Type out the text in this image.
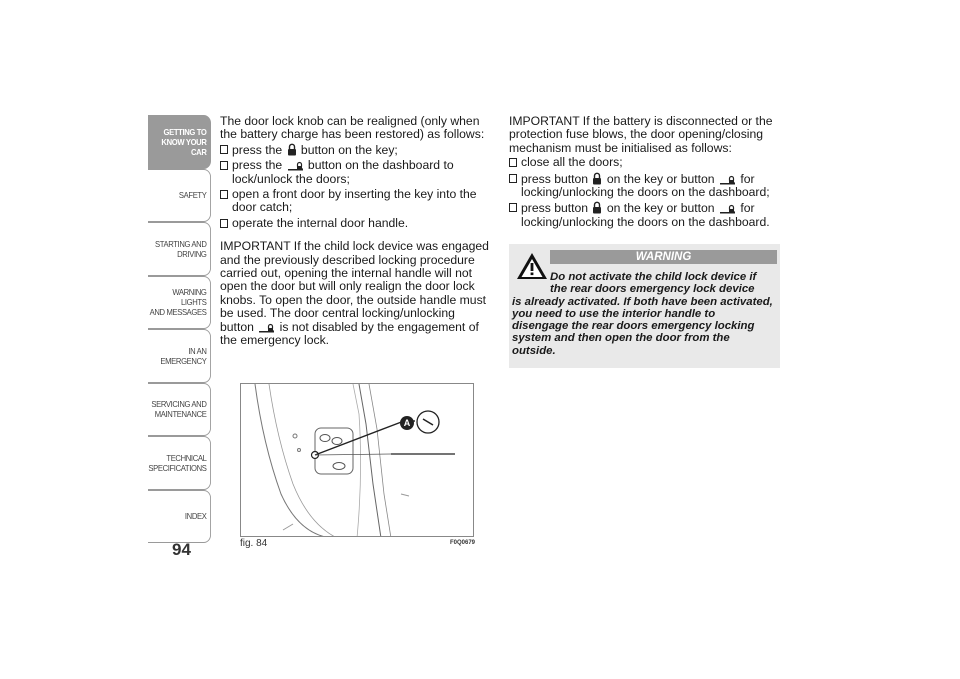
GETTING TO
KNOW YOUR CAR
SAFETY
STARTING AND
DRIVING
WARNING LIGHTS
AND MESSAGES
IN AN EMERGENCY
SERVICING AND
MAINTENANCE
TECHNICAL
SPECIFICATIONS
INDEX
94

The door lock knob can be realigned (only when the battery charge has been restored) as follows:

press the button on the key;
press the button on the dashboard to lock/unlock the doors;
open a front door by inserting the key into the door catch;
operate the internal door handle.

IMPORTANT If the child lock device was engaged and the previously described locking procedure carried out, opening the internal handle will not open the door but will only realign the door lock knobs. To open the door, the outside handle must be used. The door central locking/unlocking button is not disabled by the engagement of the emergency lock.

IMPORTANT If the battery is disconnected or the protection fuse blows, the door opening/closing mechanism must be initialised as follows:

close all the doors;
press button on the key or button for locking/unlocking the doors on the dashboard;
press button on the key or button for locking/unlocking the doors on the dashboard.
WARNING
Do not activate the child lock device if the rear doors emergency lock device
is already activated. If both have been activated, you need to use the interior handle to disengage the rear doors emergency locking system and then open the door from the outside.
A
fig. 84	F0Q0679
